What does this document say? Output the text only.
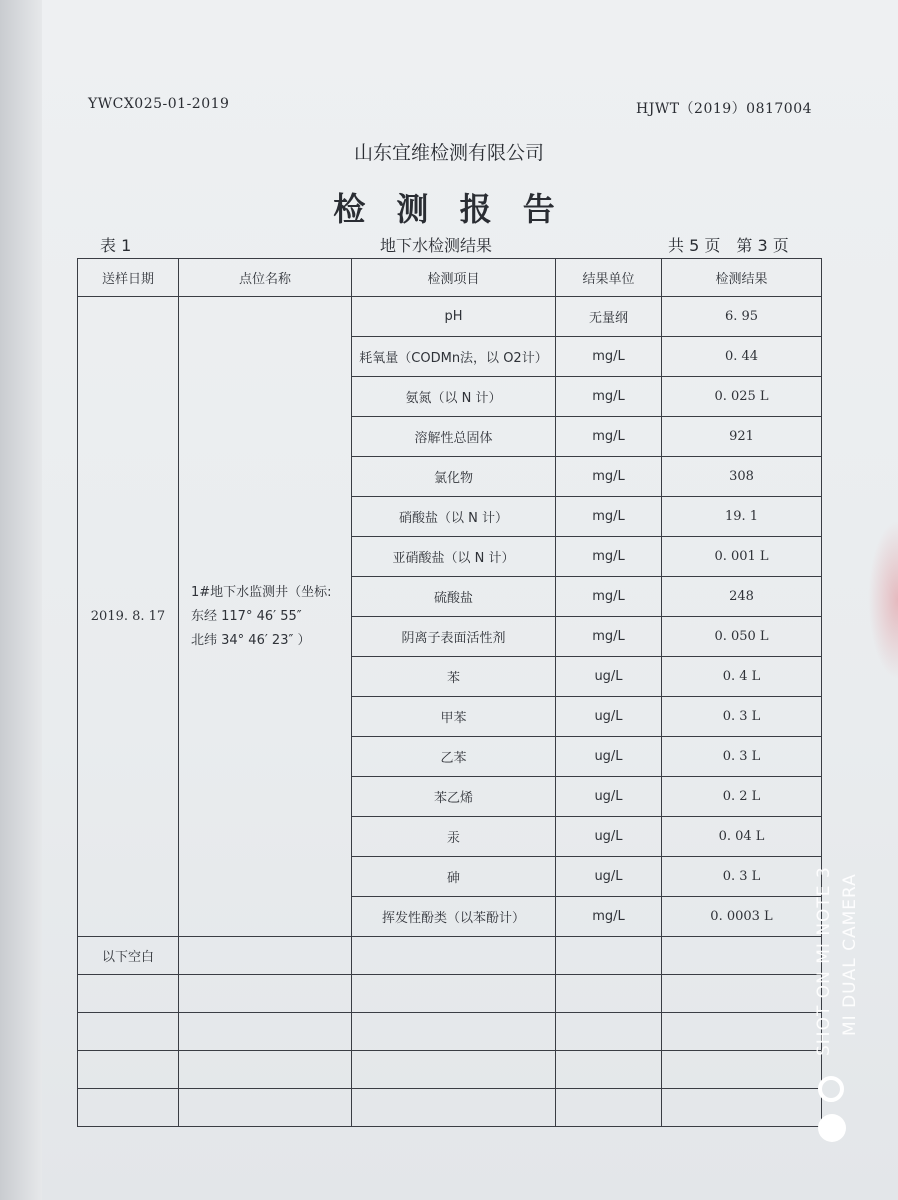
YWCX025-01-2019	HJWT（2019）0817004
山东宜维检测有限公司
检 测 报 告
表 1	地下水检测结果	共 5 页　第 3 页
送样日期	点位名称	检测项目	结果单位	检测结果
2019. 8. 17	1#地下水监测井（坐标:
东经 117° 46′ 55″
北纬 34° 46′ 23″ ）	pH	无量纲	6. 95
		耗氧量（CODMn法，以 O2计）	mg/L	0. 44
		氨氮（以 N 计）	mg/L	0. 025 L
		溶解性总固体	mg/L	921
		氯化物	mg/L	308
		硝酸盐（以 N 计）	mg/L	19. 1
		亚硝酸盐（以 N 计）	mg/L	0. 001 L
		硫酸盐	mg/L	248
		阴离子表面活性剂	mg/L	0. 050 L
		苯	ug/L	0. 4 L
		甲苯	ug/L	0. 3 L
		乙苯	ug/L	0. 3 L
		苯乙烯	ug/L	0. 2 L
		汞	ug/L	0. 04 L
		砷	ug/L	0. 3 L
		挥发性酚类（以苯酚计）	mg/L	0. 0003 L
以下空白				

					SHOT ON MI NOTE 3 MI DUAL CAMERA
